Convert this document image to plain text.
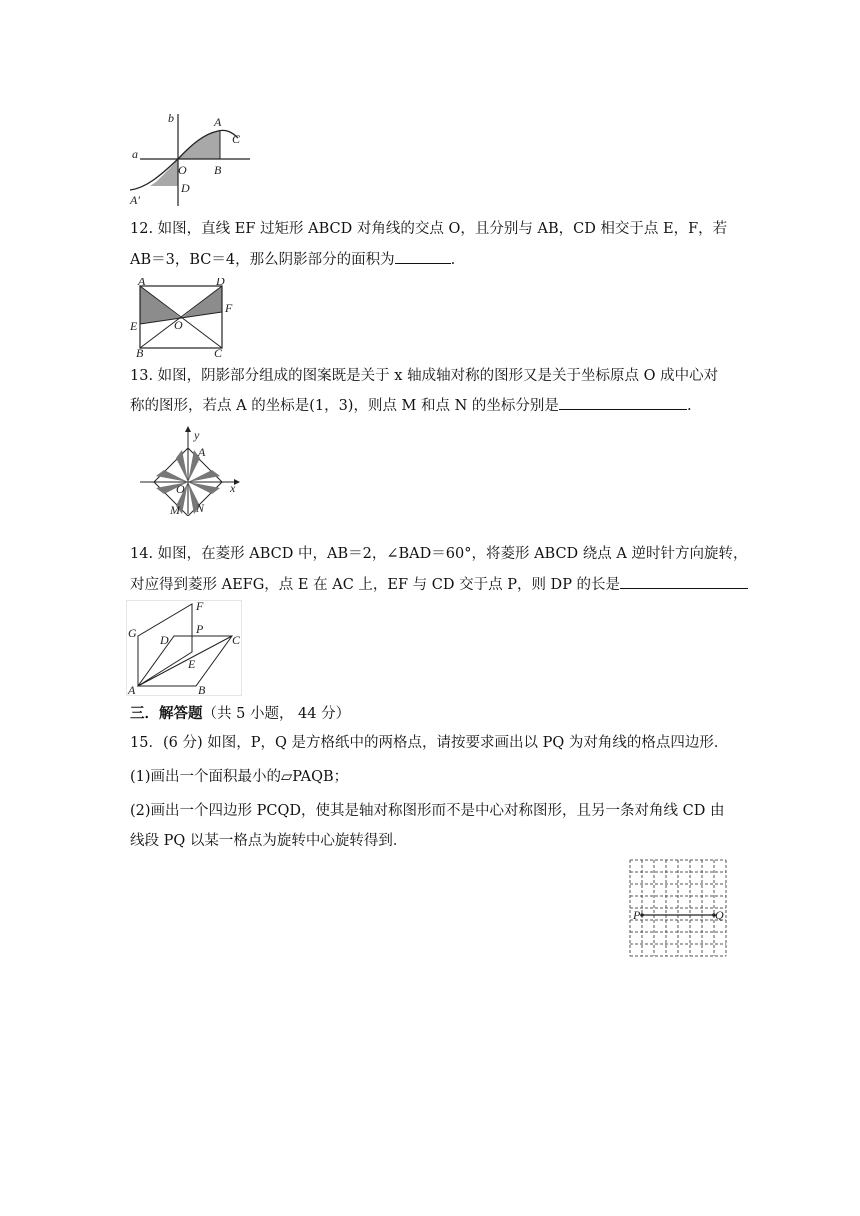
a
b	A
C
O B
D
A′
12. 如图，直线 EF 过矩形 ABCD 对角线的交点 O，且分别与 AB，CD 相交于点 E，F，若
AB＝3，BC＝4，那么阴影部分的面积为	.
A	D
F
E	O
B	C
13. 如图，阴影部分组成的图案既是关于 x 轴成轴对称的图形又是关于坐标原点 O 成中心对
称的图形，若点 A 的坐标是(1，3)，则点 M 和点 N 的坐标分别是	.
y
x
A
O
M N
14. 如图，在菱形 ABCD 中，AB＝2，∠BAD＝60°，将菱形 ABCD 绕点 A 逆时针方向旋转，
对应得到菱形 AEFG，点 E 在 AC 上，EF 与 CD 交于点 P，则 DP 的长是
F
G	P
D	C
E
A	B
三．解答题（共 5 小题， 44 分）
15．(6 分) 如图，P，Q 是方格纸中的两格点，请按要求画出以 PQ 为对角线的格点四边形．
(1)画出一个面积最小的▱PAQB；
(2)画出一个四边形 PCQD，使其是轴对称图形而不是中心对称图形，且另一条对角线 CD 由
线段 PQ 以某一格点为旋转中心旋转得到．
P	Q
